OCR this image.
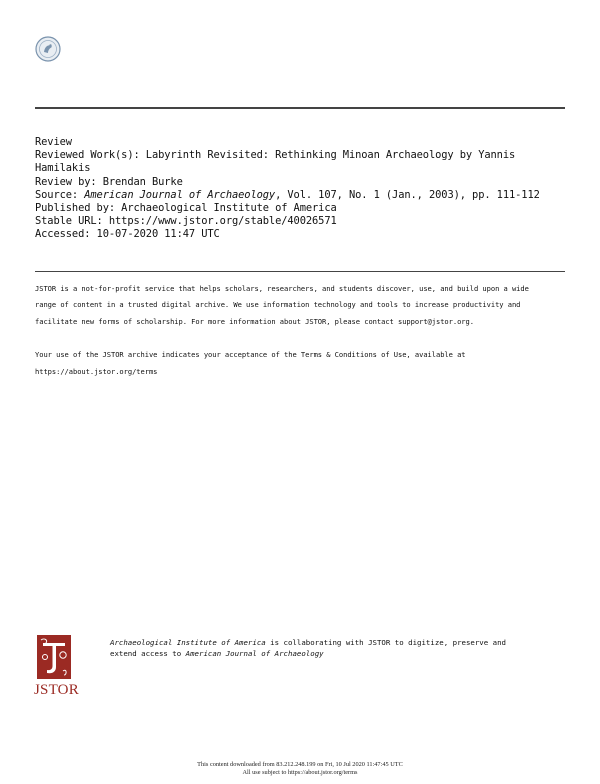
Review
Reviewed Work(s): Labyrinth Revisited: Rethinking Minoan Archaeology by Yannis
Hamilakis
Review by: Brendan Burke
Source: American Journal of Archaeology, Vol. 107, No. 1 (Jan., 2003), pp. 111-112
Published by: Archaeological Institute of America
Stable URL: https://www.jstor.org/stable/40026571
Accessed: 10-07-2020 11:47 UTC

JSTOR is a not-for-profit service that helps scholars, researchers, and students discover, use, and build upon a wide
range of content in a trusted digital archive. We use information technology and tools to increase productivity and
facilitate new forms of scholarship. For more information about JSTOR, please contact support@jstor.org.

Your use of the JSTOR archive indicates your acceptance of the Terms & Conditions of Use, available at
https://about.jstor.org/terms

JSTOR
Archaeological Institute of America is collaborating with JSTOR to digitize, preserve and
extend access to American Journal of Archaeology
This content downloaded from 83.212.248.199 on Fri, 10 Jul 2020 11:47:45 UTC
All use subject to https://about.jstor.org/terms
